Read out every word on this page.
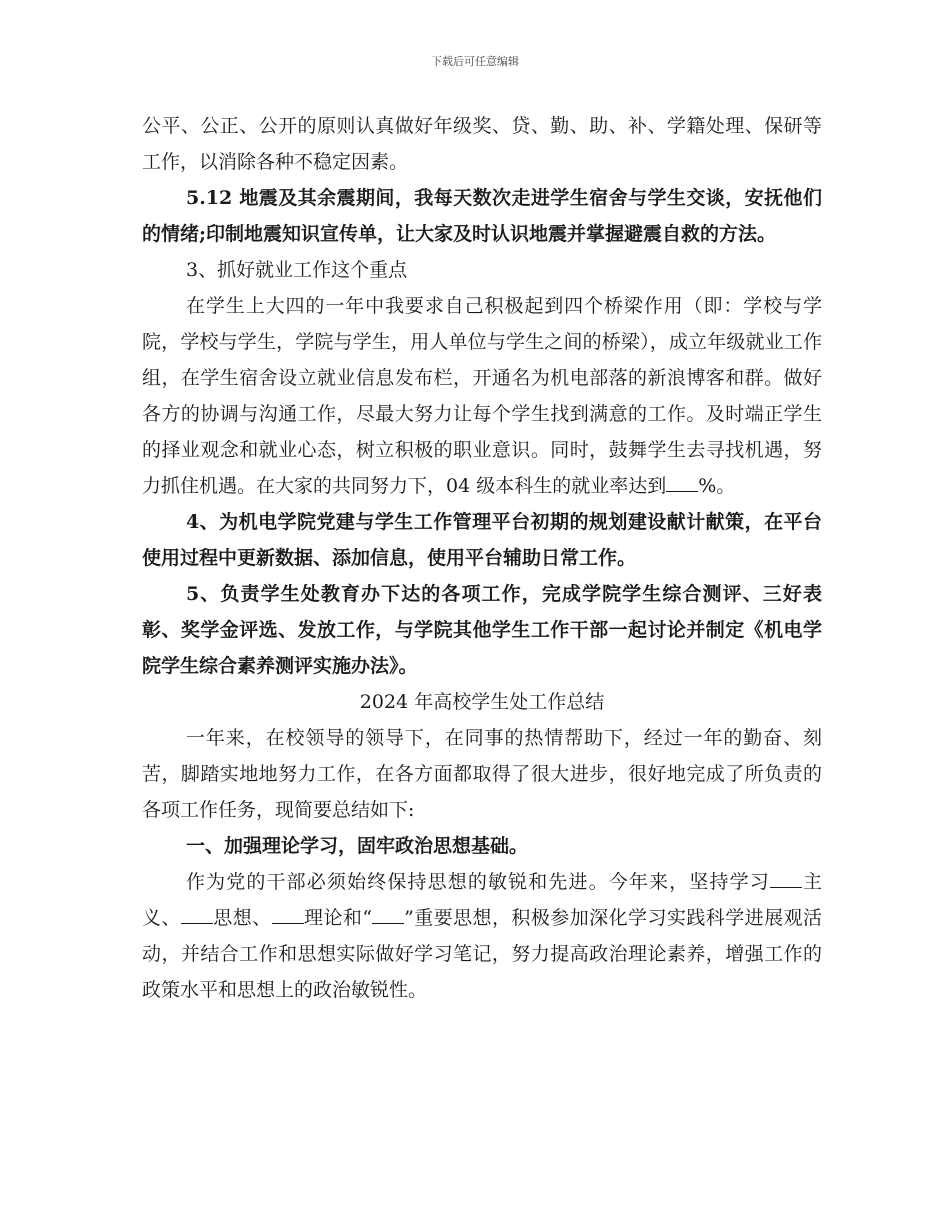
下载后可任意编辑

公平、公正、公开的原则认真做好年级奖、贷、勤、助、补、学籍处理、保研等工作，以消除各种不稳定因素。

5.12 地震及其余震期间，我每天数次走进学生宿舍与学生交谈，安抚他们的情绪;印制地震知识宣传单，让大家及时认识地震并掌握避震自救的方法。

3、抓好就业工作这个重点

在学生上大四的一年中我要求自己积极起到四个桥梁作用（即：学校与学院，学校与学生，学院与学生，用人单位与学生之间的桥梁），成立年级就业工作组，在学生宿舍设立就业信息发布栏，开通名为机电部落的新浪博客和群。做好各方的协调与沟通工作，尽最大努力让每个学生找到满意的工作。及时端正学生的择业观念和就业心态，树立积极的职业意识。同时，鼓舞学生去寻找机遇，努力抓住机遇。在大家的共同努力下，04 级本科生的就业率达到 %。

4、为机电学院党建与学生工作管理平台初期的规划建设献计献策，在平台使用过程中更新数据、添加信息，使用平台辅助日常工作。

5、负责学生处教育办下达的各项工作，完成学院学生综合测评、三好表彰、奖学金评选、发放工作，与学院其他学生工作干部一起讨论并制定《机电学院学生综合素养测评实施办法》。

2024 年高校学生处工作总结

一年来，在校领导的领导下，在同事的热情帮助下，经过一年的勤奋、刻苦，脚踏实地地努力工作，在各方面都取得了很大进步，很好地完成了所负责的各项工作任务，现简要总结如下:

一、加强理论学习，固牢政治思想基础。

作为党的干部必须始终保持思想的敏锐和先进。今年来，坚持学习 主义、 思想、 理论和“ ”重要思想，积极参加深化学习实践科学进展观活动，并结合工作和思想实际做好学习笔记，努力提高政治理论素养，增强工作的政策水平和思想上的政治敏锐性。
